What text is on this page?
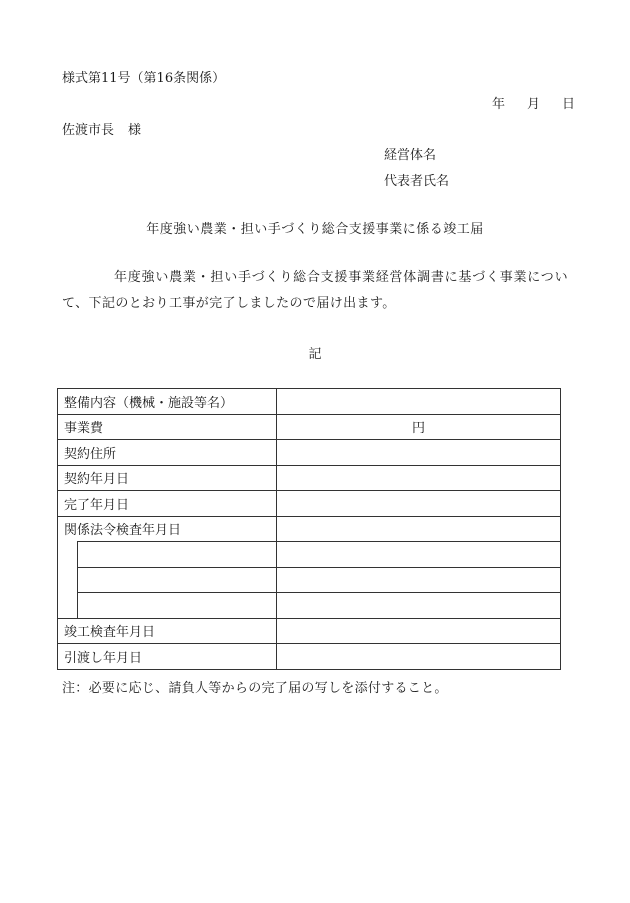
様式第11号（第16条関係）
年 月 日
佐渡市長 様
経営体名
代表者氏名
年度強い農業・担い手づくり総合支援事業に係る竣工届
年度強い農業・担い手づくり総合支援事業経営体調書に基づく事業について、下記のとおり工事が完了しましたので届け出ます。
記
整備内容（機械・施設等名）		
事業費		円
契約住所		
契約年月日		
完了年月日		
関係法令検査年月日		

竣工検査年月日		
引渡し年月日		
注：必要に応じ、請負人等からの完了届の写しを添付すること。
